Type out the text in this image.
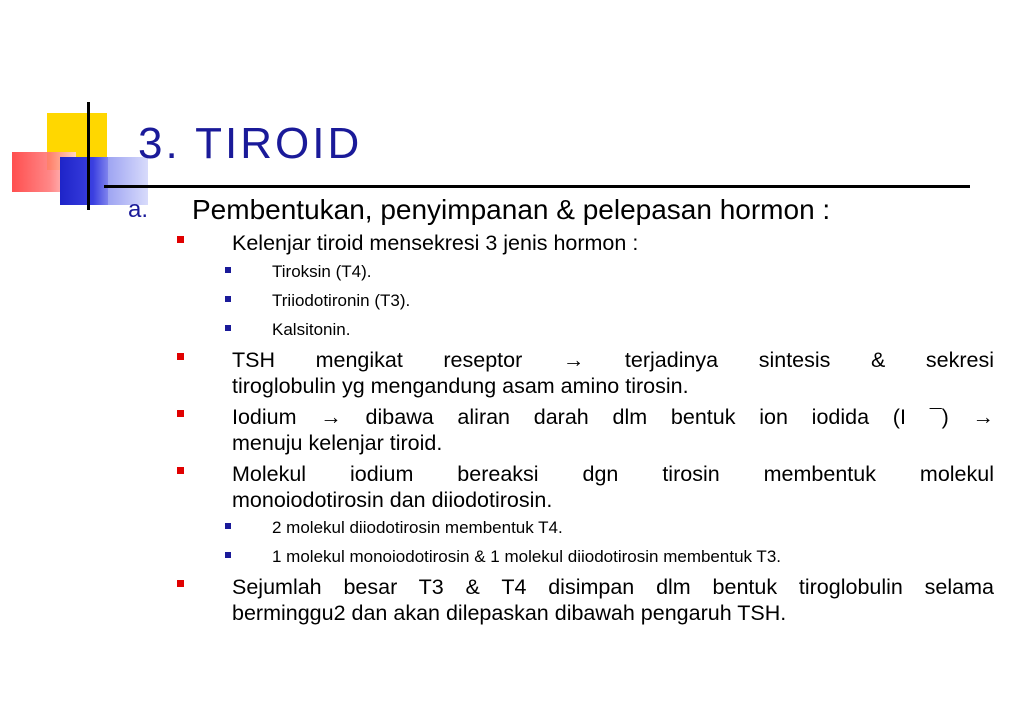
3. TIROID
a. Pembentukan, penyimpanan & pelepasan hormon :
Kelenjar tiroid mensekresi 3 jenis hormon :
Tiroksin (T4).
Triiodotironin (T3).
Kalsitonin.
TSH mengikat reseptor → terjadinya sintesis & sekresi
tiroglobulin yg mengandung asam amino tirosin.
Iodium → dibawa aliran darah dlm bentuk ion iodida (I ¯) →
menuju kelenjar tiroid.
Molekul iodium bereaksi dgn tirosin membentuk molekul
monoiodotirosin dan diiodotirosin.
2 molekul diiodotirosin membentuk T4.
1 molekul monoiodotirosin & 1 molekul diiodotirosin membentuk T3.
Sejumlah besar T3 & T4 disimpan dlm bentuk tiroglobulin selama
berminggu2 dan akan dilepaskan dibawah pengaruh TSH.
